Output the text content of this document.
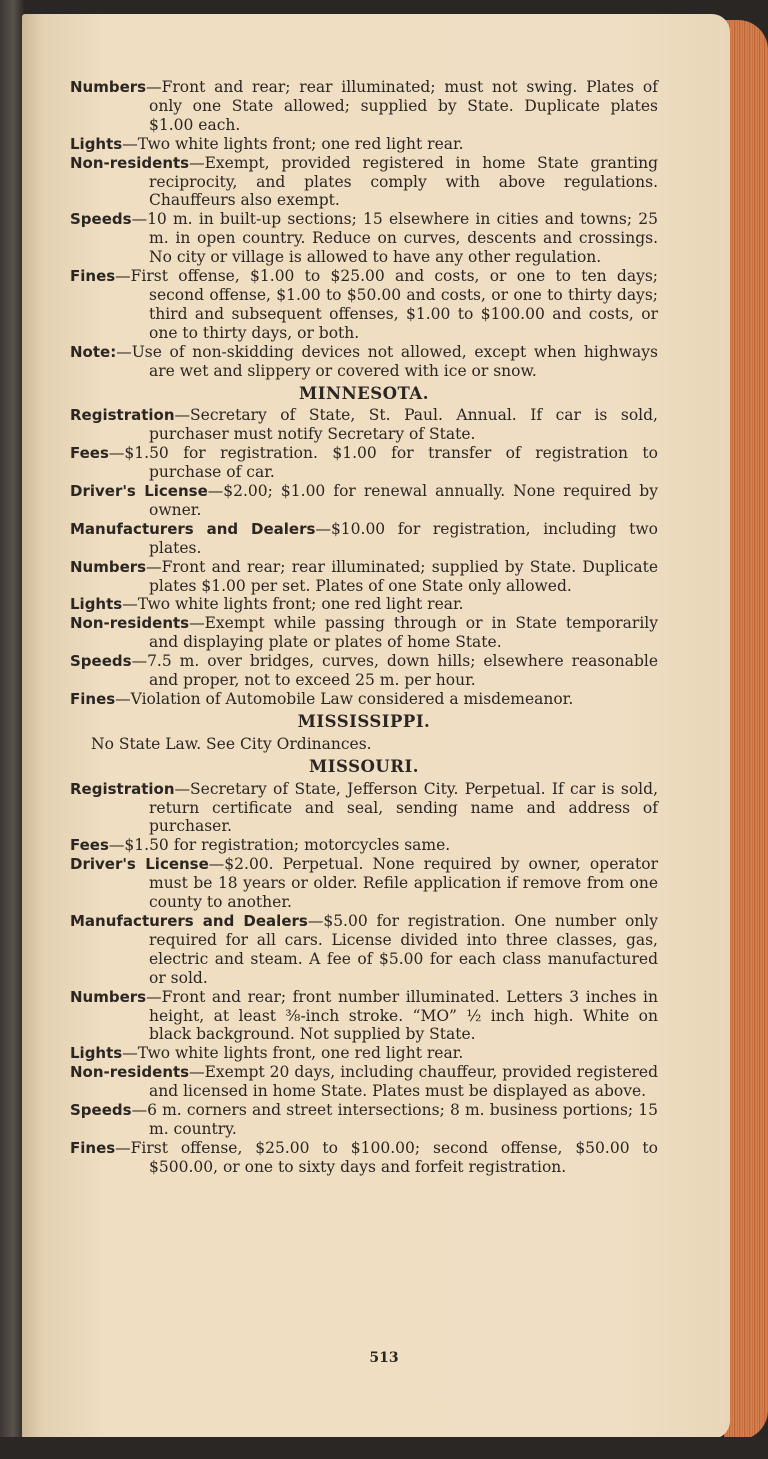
Numbers—Front and rear; rear illuminated; must not swing. Plates of only one State allowed; supplied by State. Duplicate plates $1.00 each.
Lights—Two white lights front; one red light rear.
Non-residents—Exempt, provided registered in home State granting reciprocity, and plates comply with above regulations. Chauffeurs also exempt.
Speeds—10 m. in built-up sections; 15 elsewhere in cities and towns; 25 m. in open country. Reduce on curves, descents and crossings. No city or village is allowed to have any other regulation.
Fines—First offense, $1.00 to $25.00 and costs, or one to ten days; second offense, $1.00 to $50.00 and costs, or one to thirty days; third and subsequent offenses, $1.00 to $100.00 and costs, or one to thirty days, or both.
Note:—Use of non-skidding devices not allowed, except when highways are wet and slippery or covered with ice or snow.
MINNESOTA.
Registration—Secretary of State, St. Paul. Annual. If car is sold, purchaser must notify Secretary of State.
Fees—$1.50 for registration. $1.00 for transfer of registration to purchase of car.
Driver's License—$2.00; $1.00 for renewal annually. None required by owner.
Manufacturers and Dealers—$10.00 for registration, including two plates.
Numbers—Front and rear; rear illuminated; supplied by State. Duplicate plates $1.00 per set. Plates of one State only allowed.
Lights—Two white lights front; one red light rear.
Non-residents—Exempt while passing through or in State temporarily and displaying plate or plates of home State.
Speeds—7.5 m. over bridges, curves, down hills; elsewhere reasonable and proper, not to exceed 25 m. per hour.
Fines—Violation of Automobile Law considered a misdemeanor.
MISSISSIPPI.
No State Law. See City Ordinances.
MISSOURI.
Registration—Secretary of State, Jefferson City. Perpetual. If car is sold, return certificate and seal, sending name and address of purchaser.
Fees—$1.50 for registration; motorcycles same.
Driver's License—$2.00. Perpetual. None required by owner, operator must be 18 years or older. Refile application if remove from one county to another.
Manufacturers and Dealers—$5.00 for registration. One number only required for all cars. License divided into three classes, gas, electric and steam. A fee of $5.00 for each class manufactured or sold.
Numbers—Front and rear; front number illuminated. Letters 3 inches in height, at least ⅜-inch stroke. “MO” ½ inch high. White on black background. Not supplied by State.
Lights—Two white lights front, one red light rear.
Non-residents—Exempt 20 days, including chauffeur, provided registered and licensed in home State. Plates must be displayed as above.
Speeds—6 m. corners and street intersections; 8 m. business portions; 15 m. country.
Fines—First offense, $25.00 to $100.00; second offense, $50.00 to $500.00, or one to sixty days and forfeit registration.
513
